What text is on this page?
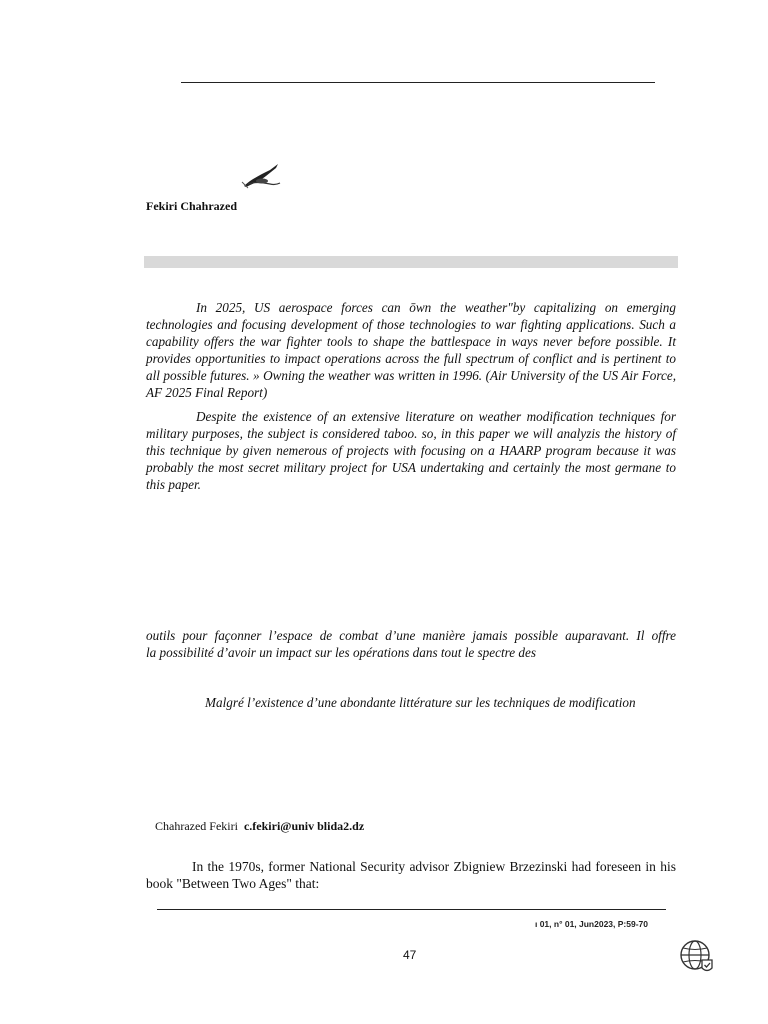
Fekiri Chahrazed

In 2025, US aerospace forces can ōwn the weather"by capitalizing on emerging technologies and focusing development of those technologies to war fighting applications. Such a capability offers the war fighter tools to shape the battlespace in ways never before possible. It provides opportunities to impact operations across the full spectrum of conflict and is pertinent to all possible futures. » Owning the weather was written in 1996. (Air University of the US Air Force, AF 2025 Final Report)

Despite the existence of an extensive literature on weather modification techniques for military purposes, the subject is considered taboo. so, in this paper we will analyzis the history of this technique by given nemerous of projects with focusing on a HAARP program because it was probably the most secret military project for USA undertaking and certainly the most germane to this paper.

outils pour façonner l’espace de combat d’une manière jamais possible auparavant. Il offre
la possibilité d’avoir un impact sur les opérations dans tout le spectre des
Malgré l’existence d’une abondante littérature sur les techniques de modification
Chahrazed Fekiri c.fekiri@univ blida2.dz
In the 1970s, former National Security advisor Zbigniew Brzezinski had foreseen in his book "Between Two Ages" that:
ı 01, n° 01, Jun2023, P:59-70
47
